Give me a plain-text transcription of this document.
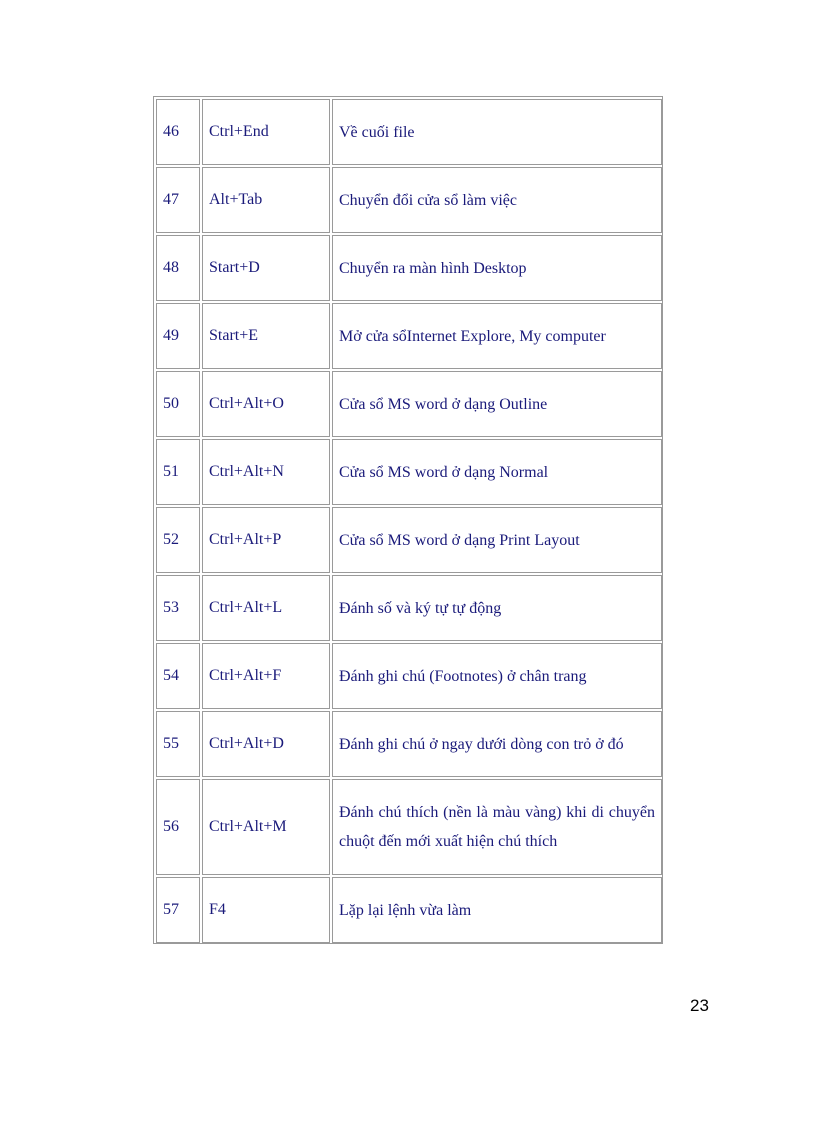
46	Ctrl+End	Về cuối file
47	Alt+Tab	Chuyển đổi cửa sổ làm việc
48	Start+D	Chuyển ra màn hình Desktop
49	Start+E	Mở cửa sổInternet Explore, My computer
50	Ctrl+Alt+O	Cửa sổ MS word ở dạng Outline
51	Ctrl+Alt+N	Cửa sổ MS word ở dạng Normal
52	Ctrl+Alt+P	Cửa sổ MS word ở dạng Print Layout
53	Ctrl+Alt+L	Đánh số và ký tự tự động
54	Ctrl+Alt+F	Đánh ghi chú (Footnotes) ở chân trang
55	Ctrl+Alt+D	Đánh ghi chú ở ngay dưới dòng con trỏ ở đó
56	Ctrl+Alt+M	Đánh chú thích (nền là màu vàng) khi di chuyển chuột đến mới xuất hiện chú thích
57	F4	Lặp lại lệnh vừa làm
23
